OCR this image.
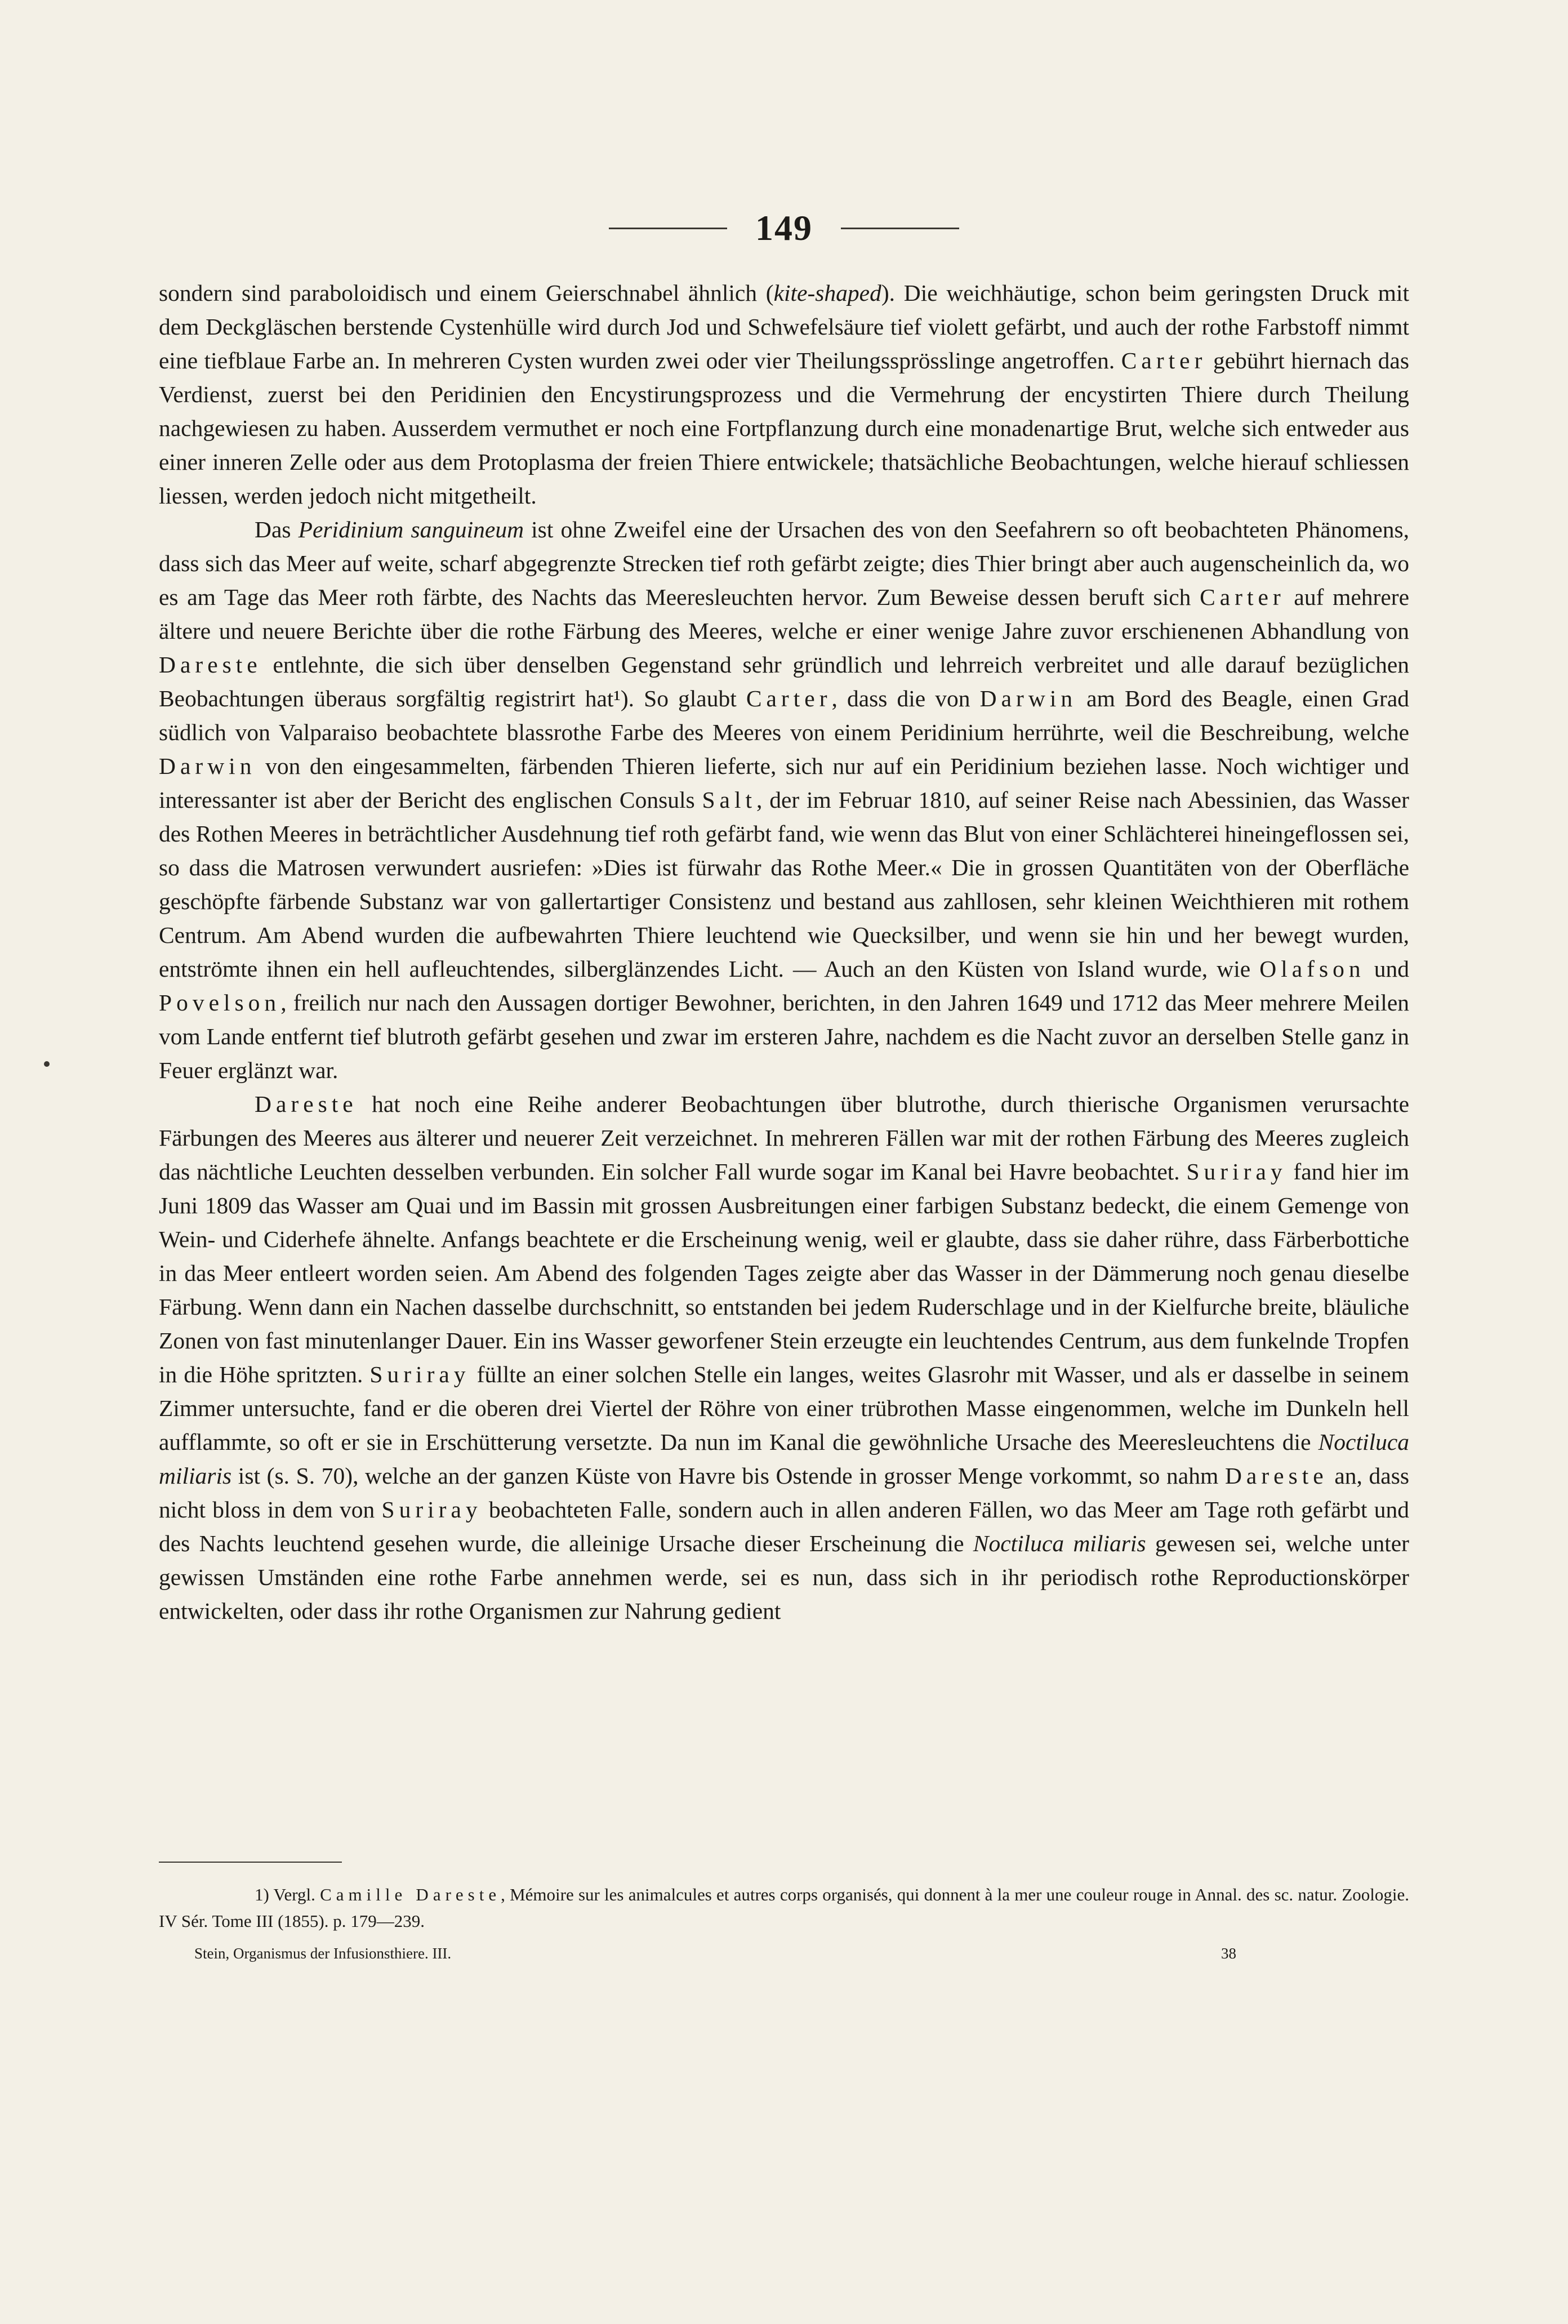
149

sondern sind paraboloidisch und einem Geierschnabel ähnlich (kite-shaped). Die weichhäutige, schon beim geringsten Druck mit dem Deckgläschen berstende Cystenhülle wird durch Jod und Schwefelsäure tief violett gefärbt, und auch der rothe Farbstoff nimmt eine tiefblaue Farbe an. In mehreren Cysten wurden zwei oder vier Theilungssprösslinge angetroffen. Carter gebührt hiernach das Verdienst, zuerst bei den Peridinien den Encystirungsprozess und die Vermehrung der encystirten Thiere durch Theilung nachgewiesen zu haben. Ausserdem vermuthet er noch eine Fortpflanzung durch eine monadenartige Brut, welche sich entweder aus einer inneren Zelle oder aus dem Protoplasma der freien Thiere entwickele; thatsächliche Beobachtungen, welche hierauf schliessen liessen, werden jedoch nicht mitgetheilt.

Das Peridinium sanguineum ist ohne Zweifel eine der Ursachen des von den Seefahrern so oft beobachteten Phänomens, dass sich das Meer auf weite, scharf abgegrenzte Strecken tief roth gefärbt zeigte; dies Thier bringt aber auch augenscheinlich da, wo es am Tage das Meer roth färbte, des Nachts das Meeresleuchten hervor. Zum Beweise dessen beruft sich Carter auf mehrere ältere und neuere Berichte über die rothe Färbung des Meeres, welche er einer wenige Jahre zuvor erschienenen Abhandlung von Dareste entlehnte, die sich über denselben Gegenstand sehr gründlich und lehrreich verbreitet und alle darauf bezüglichen Beobachtungen überaus sorgfältig registrirt hat¹). So glaubt Carter, dass die von Darwin am Bord des Beagle, einen Grad südlich von Valparaiso beobachtete blassrothe Farbe des Meeres von einem Peridinium herrührte, weil die Beschreibung, welche Darwin von den eingesammelten, färbenden Thieren lieferte, sich nur auf ein Peridinium beziehen lasse. Noch wichtiger und interessanter ist aber der Bericht des englischen Consuls Salt, der im Februar 1810, auf seiner Reise nach Abessinien, das Wasser des Rothen Meeres in beträchtlicher Ausdehnung tief roth gefärbt fand, wie wenn das Blut von einer Schlächterei hineingeflossen sei, so dass die Matrosen verwundert ausriefen: »Dies ist fürwahr das Rothe Meer.« Die in grossen Quantitäten von der Oberfläche geschöpfte färbende Substanz war von gallertartiger Consistenz und bestand aus zahllosen, sehr kleinen Weichthieren mit rothem Centrum. Am Abend wurden die aufbewahrten Thiere leuchtend wie Quecksilber, und wenn sie hin und her bewegt wurden, entströmte ihnen ein hell aufleuchtendes, silberglänzendes Licht. — Auch an den Küsten von Island wurde, wie Olafson und Povelson, freilich nur nach den Aussagen dortiger Bewohner, berichten, in den Jahren 1649 und 1712 das Meer mehrere Meilen vom Lande entfernt tief blutroth gefärbt gesehen und zwar im ersteren Jahre, nachdem es die Nacht zuvor an derselben Stelle ganz in Feuer erglänzt war.

Dareste hat noch eine Reihe anderer Beobachtungen über blutrothe, durch thierische Organismen verursachte Färbungen des Meeres aus älterer und neuerer Zeit verzeichnet. In mehreren Fällen war mit der rothen Färbung des Meeres zugleich das nächtliche Leuchten desselben verbunden. Ein solcher Fall wurde sogar im Kanal bei Havre beobachtet. Suriray fand hier im Juni 1809 das Wasser am Quai und im Bassin mit grossen Ausbreitungen einer farbigen Substanz bedeckt, die einem Gemenge von Wein- und Ciderhefe ähnelte. Anfangs beachtete er die Erscheinung wenig, weil er glaubte, dass sie daher rühre, dass Färberbottiche in das Meer entleert worden seien. Am Abend des folgenden Tages zeigte aber das Wasser in der Dämmerung noch genau dieselbe Färbung. Wenn dann ein Nachen dasselbe durchschnitt, so entstanden bei jedem Ruderschlage und in der Kielfurche breite, bläuliche Zonen von fast minutenlanger Dauer. Ein ins Wasser geworfener Stein erzeugte ein leuchtendes Centrum, aus dem funkelnde Tropfen in die Höhe spritzten. Suriray füllte an einer solchen Stelle ein langes, weites Glasrohr mit Wasser, und als er dasselbe in seinem Zimmer untersuchte, fand er die oberen drei Viertel der Röhre von einer trübrothen Masse eingenommen, welche im Dunkeln hell aufflammte, so oft er sie in Erschütterung versetzte. Da nun im Kanal die gewöhnliche Ursache des Meeresleuchtens die Noctiluca miliaris ist (s. S. 70), welche an der ganzen Küste von Havre bis Ostende in grosser Menge vorkommt, so nahm Dareste an, dass nicht bloss in dem von Suriray beobachteten Falle, sondern auch in allen anderen Fällen, wo das Meer am Tage roth gefärbt und des Nachts leuchtend gesehen wurde, die alleinige Ursache dieser Erscheinung die Noctiluca miliaris gewesen sei, welche unter gewissen Umständen eine rothe Farbe annehmen werde, sei es nun, dass sich in ihr periodisch rothe Reproductionskörper entwickelten, oder dass ihr rothe Organismen zur Nahrung gedient

1) Vergl. Camille Dareste, Mémoire sur les animalcules et autres corps organisés, qui donnent à la mer une couleur rouge in Annal. des sc. natur. Zoologie. IV Sér. Tome III (1855). p. 179—239.

Stein, Organismus der Infusionsthiere. III.	38
